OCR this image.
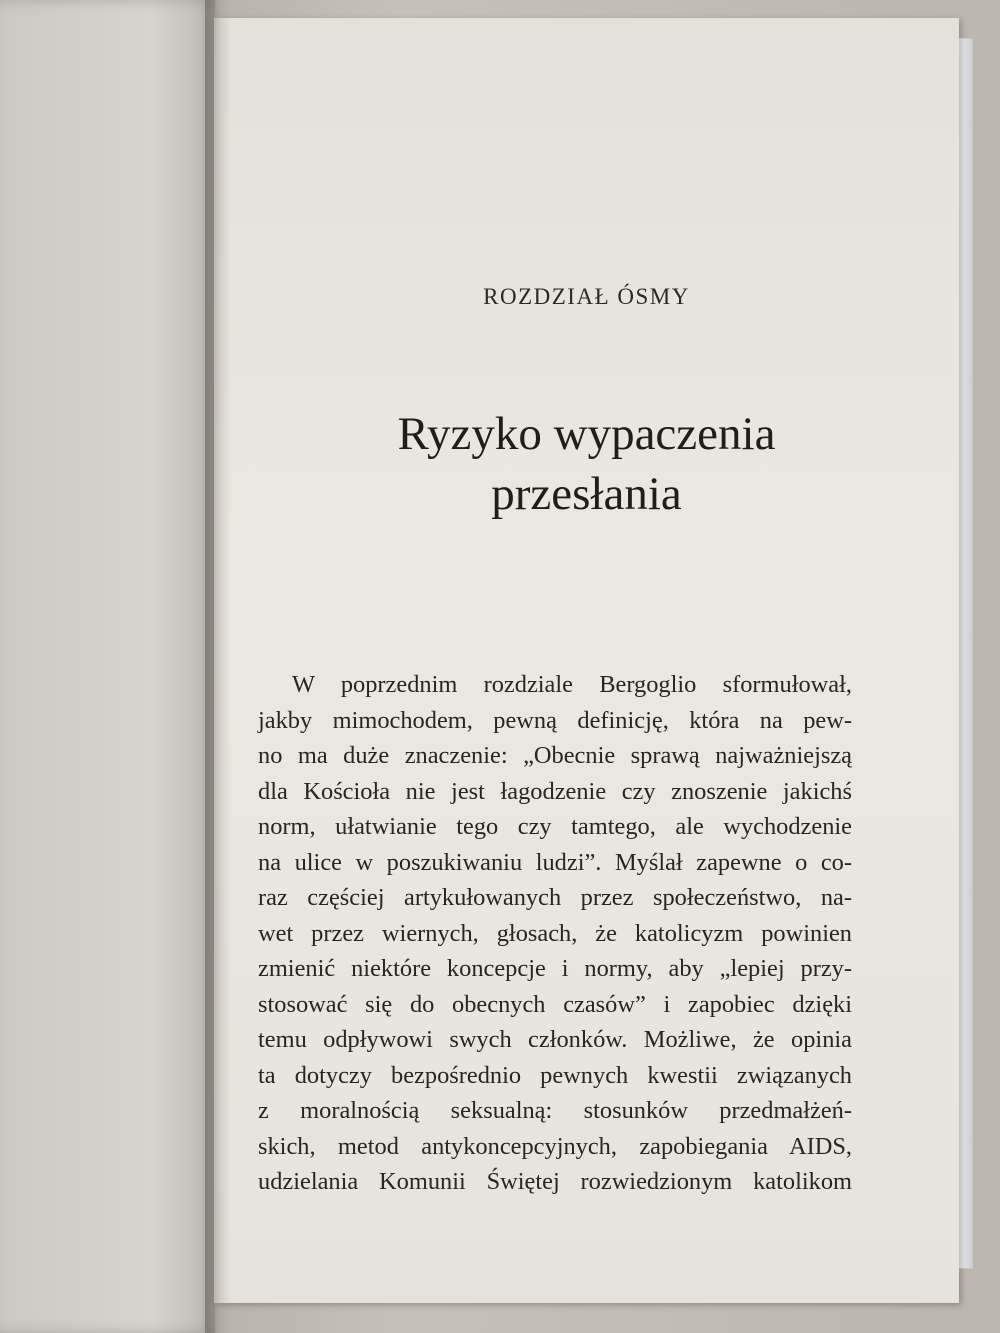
ROZDZIAŁ ÓSMY
Ryzyko wypaczenia
przesłania

W poprzednim rozdziale Bergoglio sformułował,
jakby mimochodem, pewną definicję, która na pew-
no ma duże znaczenie: „Obecnie sprawą najważniejszą
dla Kościoła nie jest łagodzenie czy znoszenie jakichś
norm, ułatwianie tego czy tamtego, ale wychodzenie
na ulice w poszukiwaniu ludzi”. Myślał zapewne o co-
raz częściej artykułowanych przez społeczeństwo, na-
wet przez wiernych, głosach, że katolicyzm powinien
zmienić niektóre koncepcje i normy, aby „lepiej przy-
stosować się do obecnych czasów” i zapobiec dzięki
temu odpływowi swych członków. Możliwe, że opinia
ta dotyczy bezpośrednio pewnych kwestii związanych
z moralnością seksualną: stosunków przedmałżeń-
skich, metod antykoncepcyjnych, zapobiegania AIDS,
udzielania Komunii Świętej rozwiedzionym katolikom
